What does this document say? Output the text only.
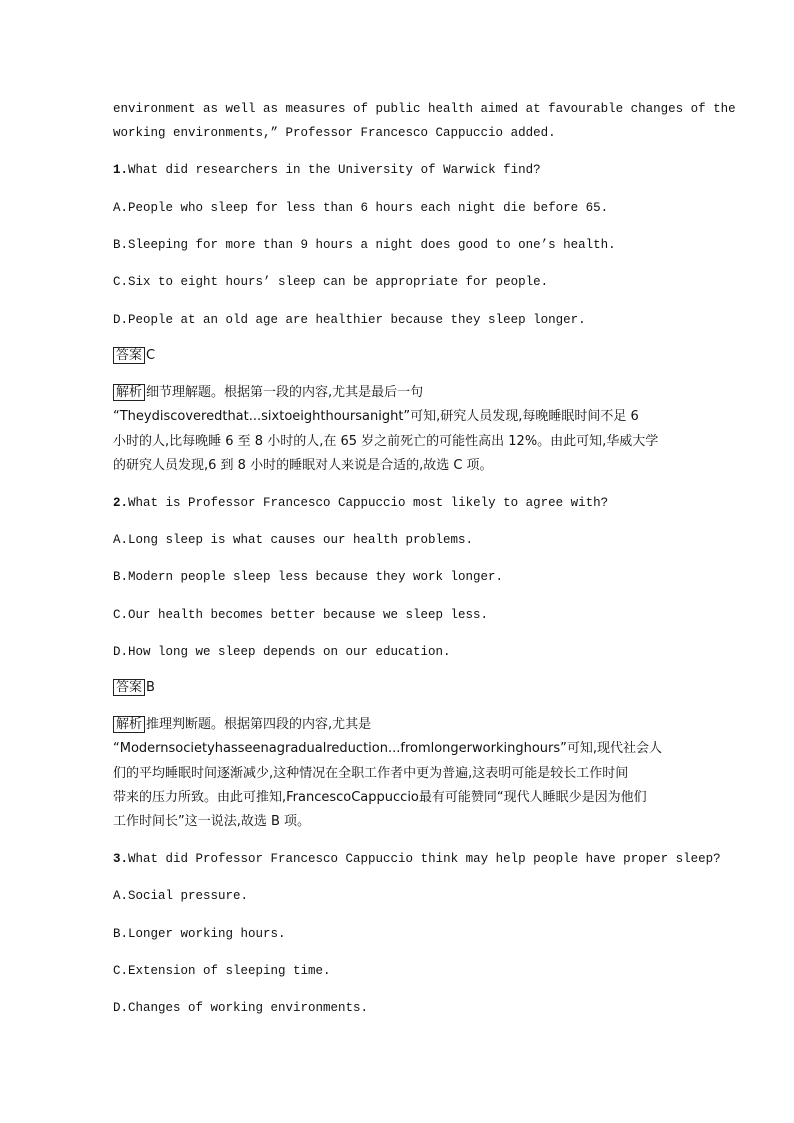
environment as well as measures of public health aimed at favourable changes of the
working environments,” Professor Francesco Cappuccio added.
1.What did researchers in the University of Warwick find?
A.People who sleep for less than 6 hours each night die before 65.
B.Sleeping for more than 9 hours a night does good to one’s health.
C.Six to eight hours’ sleep can be appropriate for people.
D.People at an old age are healthier because they sleep longer.
答案 C
解析 细节理解题。根据第一段的内容,尤其是最后一句
“Theydiscoveredthat...sixtoeighthoursanight”可知,研究人员发现,每晚睡眠时间不足 6
小时的人,比每晚睡 6 至 8 小时的人,在 65 岁之前死亡的可能性高出 12%。由此可知,华威大学
的研究人员发现,6 到 8 小时的睡眠对人来说是合适的,故选 C 项。
2.What is Professor Francesco Cappuccio most likely to agree with?
A.Long sleep is what causes our health problems.
B.Modern people sleep less because they work longer.
C.Our health becomes better because we sleep less.
D.How long we sleep depends on our education.
答案 B
解析 推理判断题。根据第四段的内容,尤其是
“Modernsocietyhasseenagradualreduction...fromlongerworkinghours”可知,现代社会人
们的平均睡眠时间逐渐减少,这种情况在全职工作者中更为普遍,这表明可能是较长工作时间
带来的压力所致。由此可推知,FrancescoCappuccio最有可能赞同“现代人睡眠少是因为他们
工作时间长”这一说法,故选 B 项。
3.What did Professor Francesco Cappuccio think may help people have proper sleep?
A.Social pressure.
B.Longer working hours.
C.Extension of sleeping time.
D.Changes of working environments.
